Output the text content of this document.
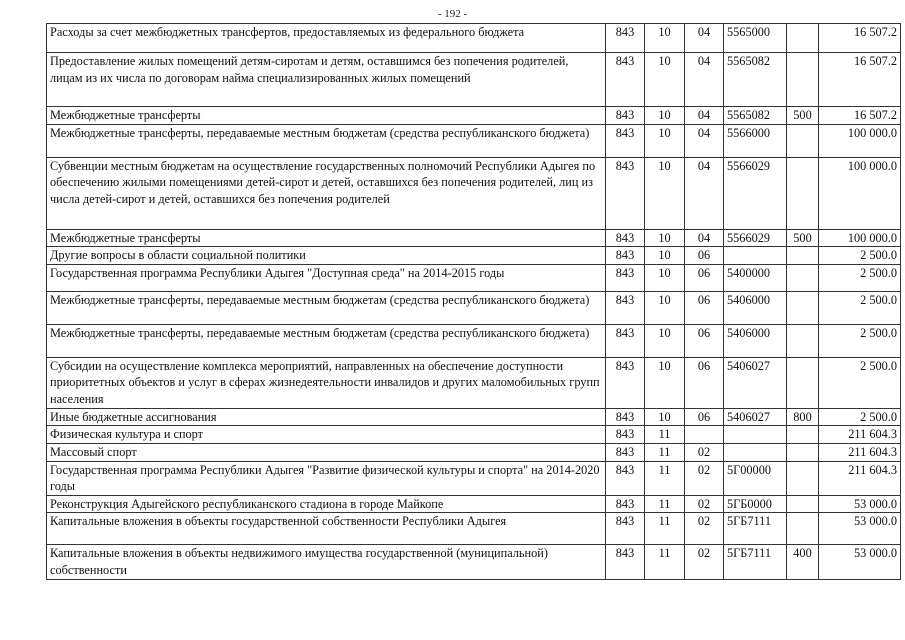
- 192 -
Расходы за счет межбюджетных трансфертов, предоставляемых из федерального бюджета	843	10	04	5565000		16 507.2
Предоставление жилых помещений детям-сиротам и детям, оставшимся без попечения родителей, лицам из их числа по договорам найма специализированных жилых помещений	843	10	04	5565082		16 507.2
Межбюджетные трансферты	843	10	04	5565082	500	16 507.2
Межбюджетные трансферты, передаваемые местным бюджетам (средства республиканского бюджета)	843	10	04	5566000		100 000.0
Субвенции местным бюджетам на осуществление государственных полномочий Республики Адыгея по обеспечению жилыми помещениями детей-сирот и детей, оставшихся без попечения родителей, лиц из числа детей-сирот и детей, оставшихся без попечения родителей	843	10	04	5566029		100 000.0
Межбюджетные трансферты	843	10	04	5566029	500	100 000.0
Другие вопросы в области социальной политики	843	10	06			2 500.0
Государственная программа Республики Адыгея "Доступная среда" на 2014-2015 годы	843	10	06	5400000		2 500.0
Межбюджетные трансферты, передаваемые местным бюджетам (средства республиканского бюджета)	843	10	06	5406000		2 500.0
Межбюджетные трансферты, передаваемые местным бюджетам (средства республиканского бюджета)	843	10	06	5406000		2 500.0
Субсидии на осуществление комплекса мероприятий, направленных на обеспечение доступности приоритетных объектов и услуг в сферах жизнедеятельности инвалидов и других маломобильных групп населения	843	10	06	5406027		2 500.0
Иные бюджетные ассигнования	843	10	06	5406027	800	2 500.0
Физическая культура и спорт	843	11				211 604.3
Массовый спорт	843	11	02			211 604.3
Государственная программа Республики Адыгея "Развитие физической культуры и спорта" на 2014-2020 годы	843	11	02	5Г00000		211 604.3
Реконструкция Адыгейского республиканского стадиона в городе Майкопе	843	11	02	5ГБ0000		53 000.0
Капитальные вложения в объекты государственной собственности Республики Адыгея	843	11	02	5ГБ7111		53 000.0
Капитальные вложения в объекты недвижимого имущества государственной (муниципальной) собственности	843	11	02	5ГБ7111	400	53 000.0
